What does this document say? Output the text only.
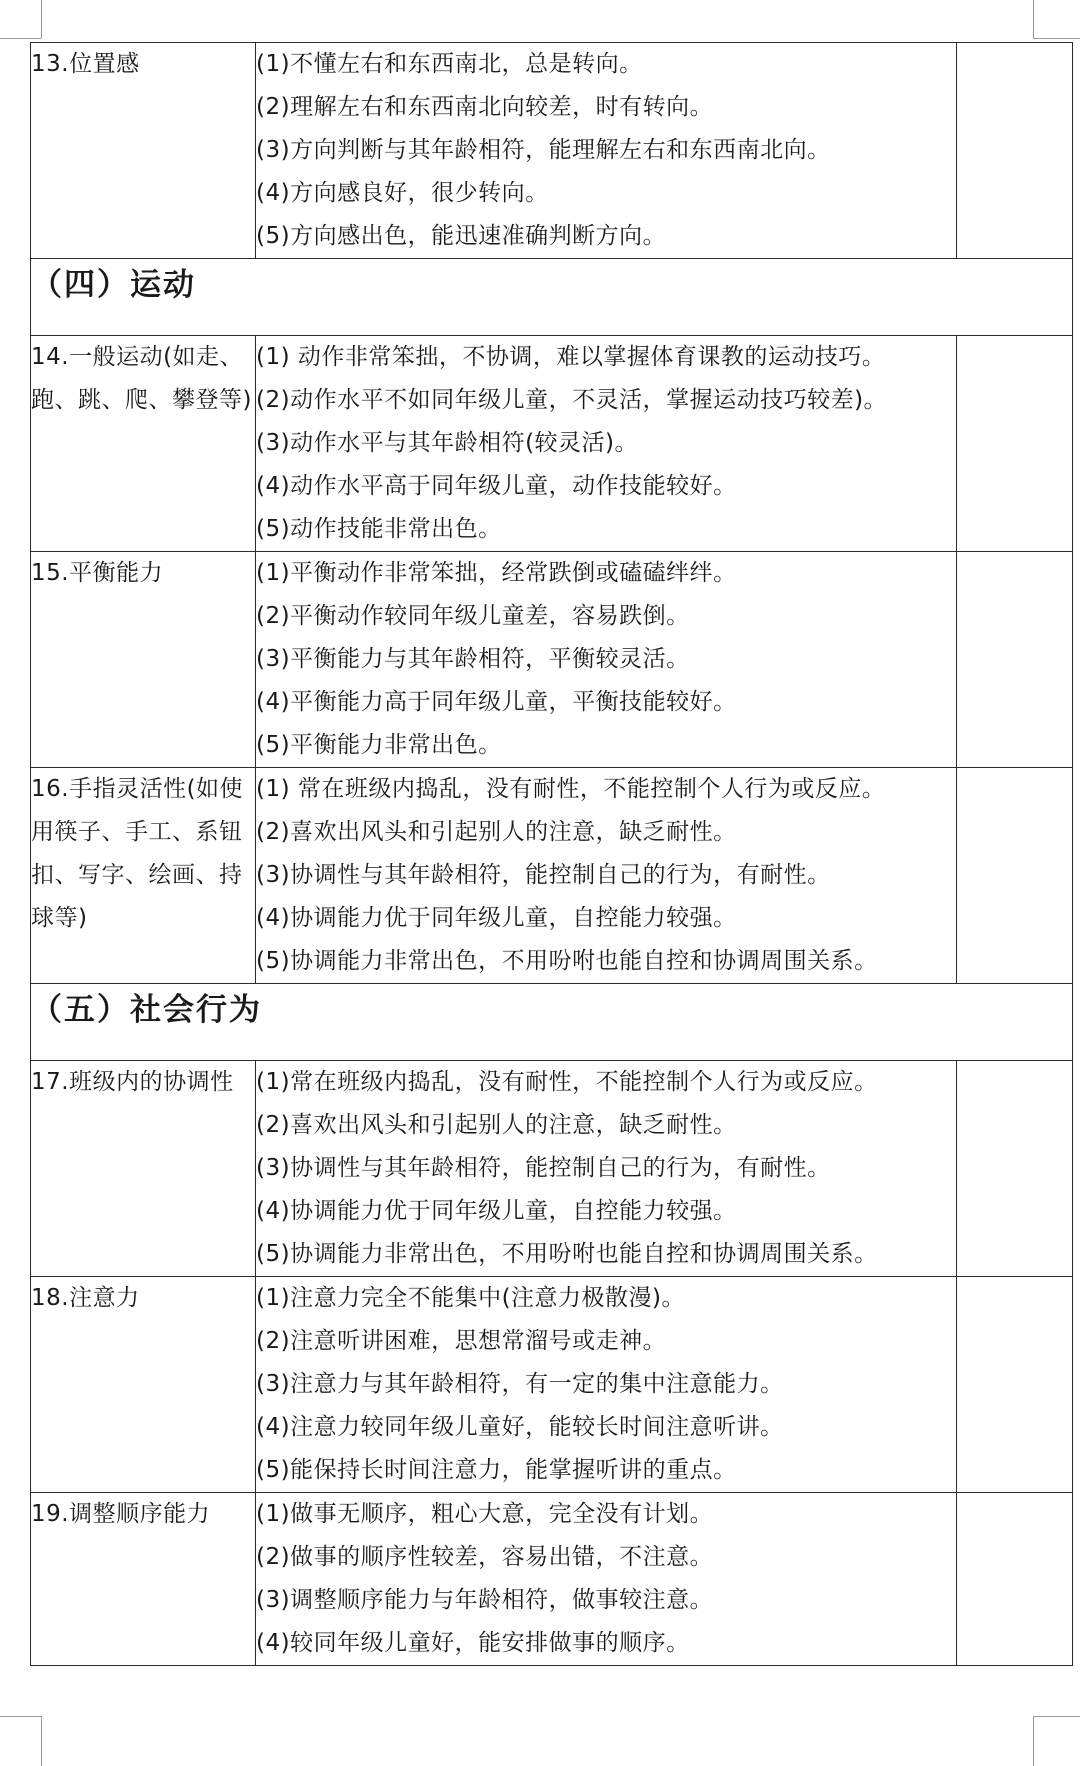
13.位置感	(1)不懂左右和东西南北，总是转向。
(2)理解左右和东西南北向较差，时有转向。
(3)方向判断与其年龄相符，能理解左右和东西南北向。
(4)方向感良好，很少转向。
(5)方向感出色，能迅速准确判断方向。	

（四）运动		
14.一般运动(如走、跑、跳、爬、攀登等)	(1) 动作非常笨拙，不协调，难以掌握体育课教的运动技巧。
(2)动作水平不如同年级儿童，不灵活，掌握运动技巧较差)。
(3)动作水平与其年龄相符(较灵活)。
(4)动作水平高于同年级儿童，动作技能较好。
(5)动作技能非常出色。	

15.平衡能力	(1)平衡动作非常笨拙，经常跌倒或磕磕绊绊。
(2)平衡动作较同年级儿童差，容易跌倒。
(3)平衡能力与其年龄相符，平衡较灵活。
(4)平衡能力高于同年级儿童，平衡技能较好。
(5)平衡能力非常出色。	

16.手指灵活性(如使用筷子、手工、系钮扣、写字、绘画、持球等)	(1) 常在班级内捣乱，没有耐性，不能控制个人行为或反应。
(2)喜欢出风头和引起别人的注意，缺乏耐性。
(3)协调性与其年龄相符，能控制自己的行为，有耐性。
(4)协调能力优于同年级儿童，自控能力较强。
(5)协调能力非常出色，不用吩咐也能自控和协调周围关系。	

（五）社会行为		
17.班级内的协调性	(1)常在班级内捣乱，没有耐性，不能控制个人行为或反应。
(2)喜欢出风头和引起别人的注意，缺乏耐性。
(3)协调性与其年龄相符，能控制自己的行为，有耐性。
(4)协调能力优于同年级儿童，自控能力较强。
(5)协调能力非常出色，不用吩咐也能自控和协调周围关系。	

18.注意力	(1)注意力完全不能集中(注意力极散漫)。
(2)注意听讲困难，思想常溜号或走神。
(3)注意力与其年龄相符，有一定的集中注意能力。
(4)注意力较同年级儿童好，能较长时间注意听讲。
(5)能保持长时间注意力，能掌握听讲的重点。	

19.调整顺序能力	(1)做事无顺序，粗心大意，完全没有计划。
(2)做事的顺序性较差，容易出错，不注意。
(3)调整顺序能力与年龄相符，做事较注意。
(4)较同年级儿童好，能安排做事的顺序。	
